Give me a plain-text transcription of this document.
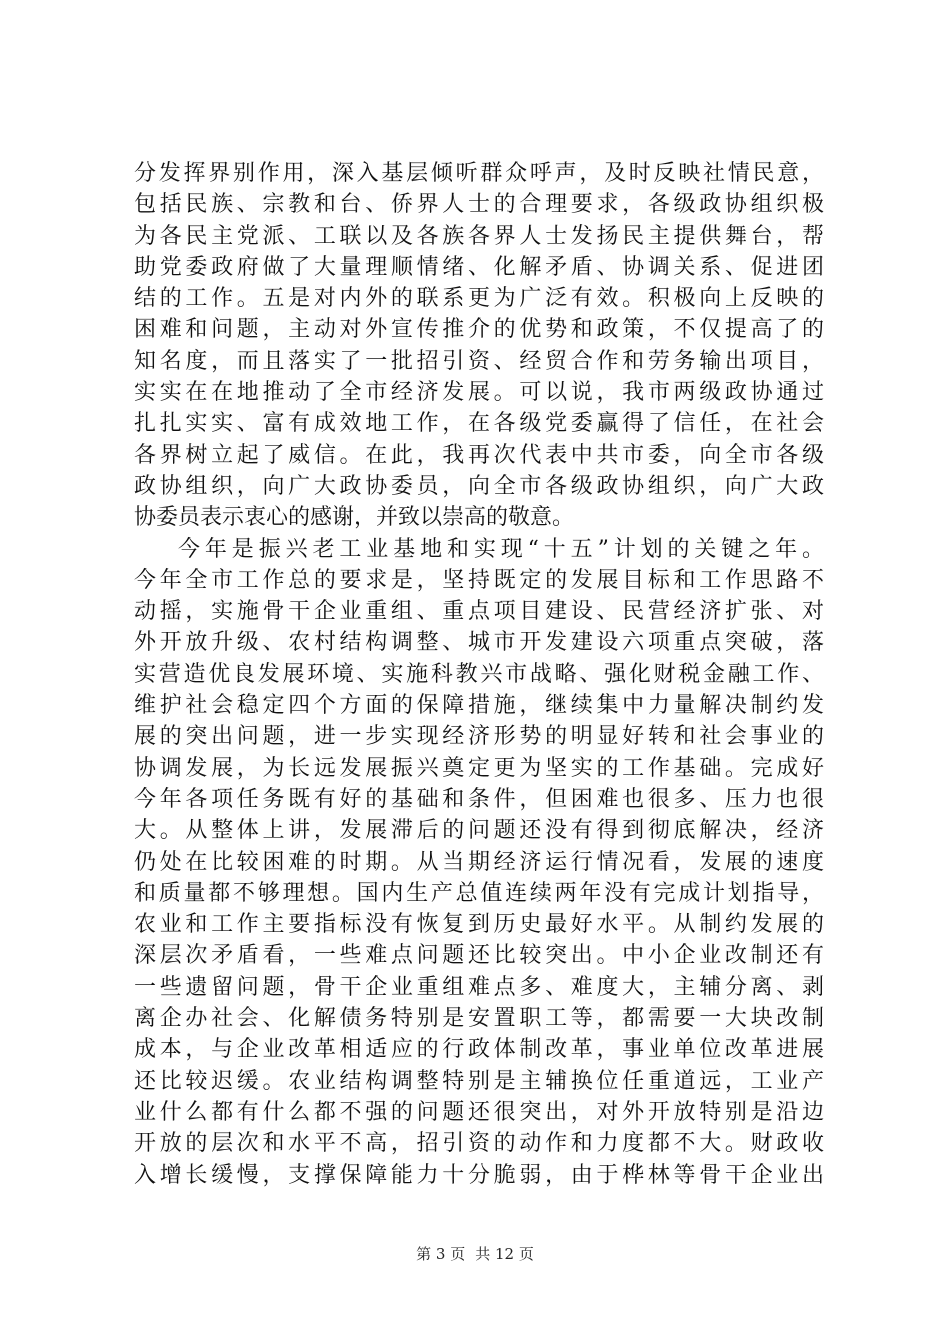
分发挥界别作用，深入基层倾听群众呼声，及时反映社情民意，
包括民族、宗教和台、侨界人士的合理要求，各级政协组织极
为各民主党派、工联以及各族各界人士发扬民主提供舞台，帮
助党委政府做了大量理顺情绪、化解矛盾、协调关系、促进团
结的工作。五是对内外的联系更为广泛有效。积极向上反映的
困难和问题，主动对外宣传推介的优势和政策，不仅提高了的
知名度，而且落实了一批招引资、经贸合作和劳务输出项目，
实实在在地推动了全市经济发展。可以说，我市两级政协通过
扎扎实实、富有成效地工作，在各级党委赢得了信任，在社会
各界树立起了威信。在此，我再次代表中共市委，向全市各级
政协组织，向广大政协委员，向全市各级政协组织，向广大政
协委员表示衷心的感谢，并致以崇高的敬意。
今年是振兴老工业基地和实现“十五”计划的关键之年。
今年全市工作总的要求是，坚持既定的发展目标和工作思路不
动摇，实施骨干企业重组、重点项目建设、民营经济扩张、对
外开放升级、农村结构调整、城市开发建设六项重点突破，落
实营造优良发展环境、实施科教兴市战略、强化财税金融工作、
维护社会稳定四个方面的保障措施，继续集中力量解决制约发
展的突出问题，进一步实现经济形势的明显好转和社会事业的
协调发展，为长远发展振兴奠定更为坚实的工作基础。完成好
今年各项任务既有好的基础和条件，但困难也很多、压力也很
大。从整体上讲，发展滞后的问题还没有得到彻底解决，经济
仍处在比较困难的时期。从当期经济运行情况看，发展的速度
和质量都不够理想。国内生产总值连续两年没有完成计划指导，
农业和工作主要指标没有恢复到历史最好水平。从制约发展的
深层次矛盾看，一些难点问题还比较突出。中小企业改制还有
一些遗留问题，骨干企业重组难点多、难度大，主辅分离、剥
离企办社会、化解债务特别是安置职工等，都需要一大块改制
成本，与企业改革相适应的行政体制改革，事业单位改革进展
还比较迟缓。农业结构调整特别是主辅换位任重道远，工业产
业什么都有什么都不强的问题还很突出，对外开放特别是沿边
开放的层次和水平不高，招引资的动作和力度都不大。财政收
入增长缓慢，支撑保障能力十分脆弱，由于桦林等骨干企业出
第 3 页 共 12 页
